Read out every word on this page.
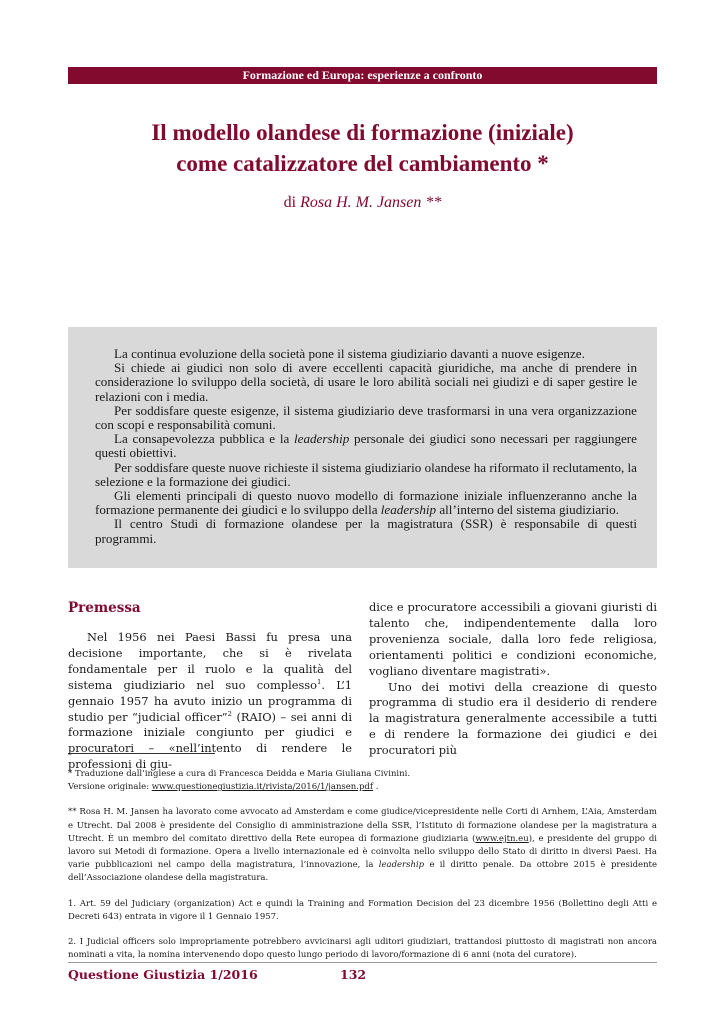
Formazione ed Europa: esperienze a confronto
Il modello olandese di formazione (iniziale)
come catalizzatore del cambiamento *
di Rosa H. M. Jansen **

La continua evoluzione della società pone il sistema giudiziario davanti a nuove esigenze.

Si chiede ai giudici non solo di avere eccellenti capacità giuridiche, ma anche di prendere in considerazione lo sviluppo della società, di usare le loro abilità sociali nei giudizi e di saper gestire le relazioni con i media.

Per soddisfare queste esigenze, il sistema giudiziario deve trasformarsi in una vera organizzazione con scopi e responsabilità comuni.

La consapevolezza pubblica e la leadership personale dei giudici sono necessari per raggiungere questi obiettivi.

Per soddisfare queste nuove richieste il sistema giudiziario olandese ha riformato il reclutamento, la selezione e la formazione dei giudici.

Gli elementi principali di questo nuovo modello di formazione iniziale influenzeranno anche la formazione permanente dei giudici e lo sviluppo della leadership all’interno del sistema giudiziario.

Il centro Studi di formazione olandese per la magistratura (SSR) è responsabile di questi programmi.

Premessa

Nel 1956 nei Paesi Bassi fu presa una decisione importante, che si è rivelata fondamentale per il ruolo e la qualità del sistema giudiziario nel suo complesso$^1$. L’1 gennaio 1957 ha avuto inizio un programma di studio per “judicial officer”$^2$ (RAIO) – sei anni di formazione iniziale congiunto per giudici e procuratori – «nell’intento di rendere le professioni di giu-

dice e procuratore accessibili a giovani giuristi di talento che, indipendentemente dalla loro provenienza sociale, dalla loro fede religiosa, orientamenti politici e condizioni economiche, vogliano diventare magistrati».

Uno dei motivi della creazione di questo programma di studio era il desiderio di rendere la magistratura generalmente accessibile a tutti e di rendere la formazione dei giudici e dei procuratori più

* Traduzione dall’inglese a cura di Francesca Deidda e Maria Giuliana Civinini.
Versione originale: www.questionegiustizia.it/rivista/2016/1/jansen.pdf .

** Rosa H. M. Jansen ha lavorato come avvocato ad Amsterdam e come giudice/vicepresidente nelle Corti di Arnhem, L’Aia, Amsterdam e Utrecht. Dal 2008 è presidente del Consiglio di amministrazione della SSR, l’Istituto di formazione olandese per la magistratura a Utrecht. È un membro del comitato direttivo della Rete europea di formazione giudiziaria (www.ejtn.eu), e presidente del gruppo di lavoro sui Metodi di formazione. Opera a livello internazionale ed è coinvolta nello sviluppo dello Stato di diritto in diversi Paesi. Ha varie pubblicazioni nel campo della magistratura, l’innovazione, la leadership e il diritto penale. Da ottobre 2015 è presidente dell’Associazione olandese della magistratura.

1. Art. 59 del Judiciary (organization) Act e quindi la Training and Formation Decision del 23 dicembre 1956 (Bollettino degli Atti e Decreti 643) entrata in vigore il 1 Gennaio 1957.

2. I Judicial officers solo impropriamente potrebbero avvicinarsi agli uditori giudiziari, trattandosi piuttosto di magistrati non ancora nominati a vita, la nomina intervenendo dopo questo lungo periodo di lavoro/formazione di 6 anni (nota del curatore).

Questione Giustizia 1/2016	132
